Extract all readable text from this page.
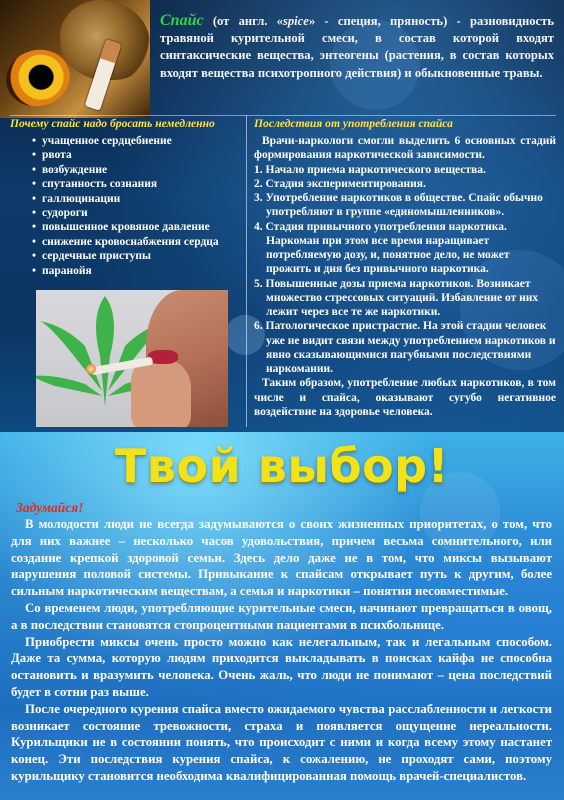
Спайс (от англ. «spice» - специя, пряность) - разновидность травяной курительной смеси, в состав которой входят синтаксические вещества, энтеогены (растения, в состав которых входят вещества психотропного действия) и обыкновенные травы.
Почему спайс надо бросать немедленно
• учащенное сердцебиение
• рвота
• возбуждение
• спутанность сознания
• галлюцинации
• судороги
• повышенное кровяное давление
• снижение кровоснабжения сердца
• сердечные приступы
• паранойя
Последствия от употребления спайса

Врачи-наркологи смогли выделить 6 основных стадий формирования наркотической зависимости.

1. Начало приема наркотического вещества.
2. Стадия экспериментирования.
3. Употребление наркотиков в обществе. Спайс обычно употребляют в группе «единомышленников».
4. Стадия привычного употребления наркотика. Наркоман при этом все время наращивает потребляемую дозу, и, понятное дело, не может прожить и дня без привычного наркотика.
5. Повышенные дозы приема наркотиков. Возникает множество стрессовых ситуаций. Избавление от них лежит через все те же наркотики.
6. Патологическое пристрастие. На этой стадии человек уже не видит связи между употреблением наркотиков и явно сказывающимися пагубными последствиями наркомании.

Таким образом, употребление любых наркотиков, в том числе и спайса, оказывают сугубо негативное воздействие на здоровье человека.

Твой выбор!
Задумайся!

В молодости люди не всегда задумываются о своих жизненных приоритетах, о том, что для них важнее – несколько часов удовольствия, причем весьма сомнительного, или создание крепкой здоровой семьи. Здесь дело даже не в том, что миксы вызывают нарушения половой системы. Привыкание к спайсам открывает путь к другим, более сильным наркотическим веществам, а семья и наркотики – понятия несовместимые.

Со временем люди, употребляющие курительные смеси, начинают превращаться в овощ, а в последствии становятся стопроцентными пациентами в психбольнице.

Приобрести миксы очень просто можно как нелегальным, так и легальным способом. Даже та сумма, которую людям приходится выкладывать в поисках кайфа не способна остановить и вразумить человека. Очень жаль, что люди не понимают – цена последствий будет в сотни раз выше.

После очередного курения спайса вместо ожидаемого чувства расслабленности и легкости возникает состояние тревожности, страха и появляется ощущение нереальности. Курильщики не в состоянии понять, что происходит с ними и когда всему этому настанет конец. Эти последствия курения спайса, к сожалению, не проходят сами, поэтому курильщику становится необходима квалифицированная помощь врачей-специалистов.
